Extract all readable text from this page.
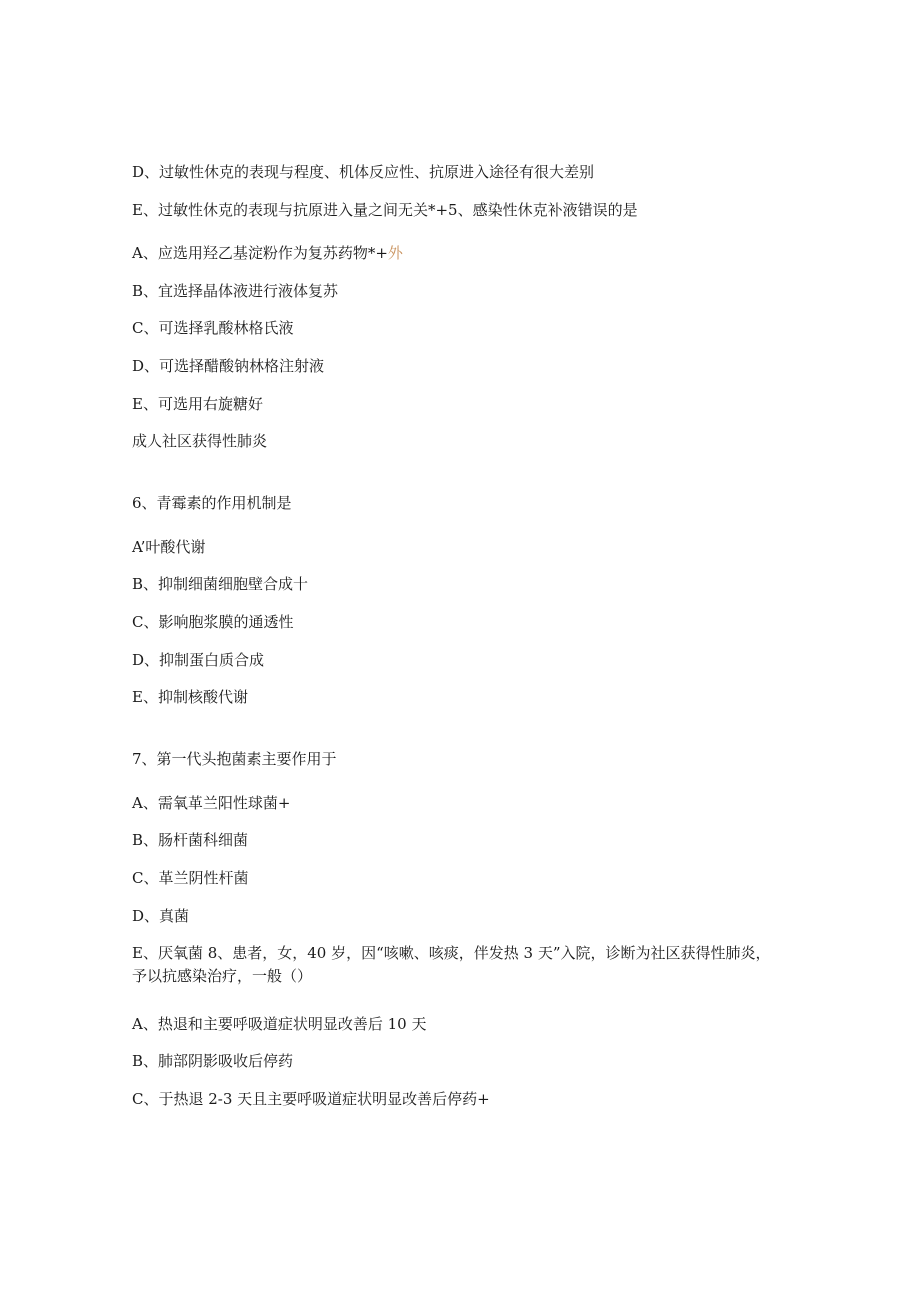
D、过敏性休克的表现与程度、机体反应性、抗原进入途径有很大差别
E、过敏性休克的表现与抗原进入量之间无关*+5、感染性休克补液错误的是
A、应选用羟乙基淀粉作为复苏药物*+外
B、宜选择晶体液进行液体复苏
C、可选择乳酸林格氏液
D、可选择醋酸钠林格注射液
E、可选用右旋糖好
成人社区获得性肺炎
6、青霉素的作用机制是
A’叶酸代谢
B、抑制细菌细胞壁合成十
C、影响胞浆膜的通透性
D、抑制蛋白质合成
E、抑制核酸代谢
7、第一代头抱菌素主要作用于
A、需氧革兰阳性球菌+
B、肠杆菌科细菌
C、革兰阴性杆菌
D、真菌
E、厌氧菌 8、患者，女，40 岁，因“咳嗽、咳痰，伴发热 3 天”入院，诊断为社区获得性肺炎，予以抗感染治疗，一般（）
A、热退和主要呼吸道症状明显改善后 10 天
B、肺部阴影吸收后停药
C、于热退 2-3 天且主要呼吸道症状明显改善后停药+
